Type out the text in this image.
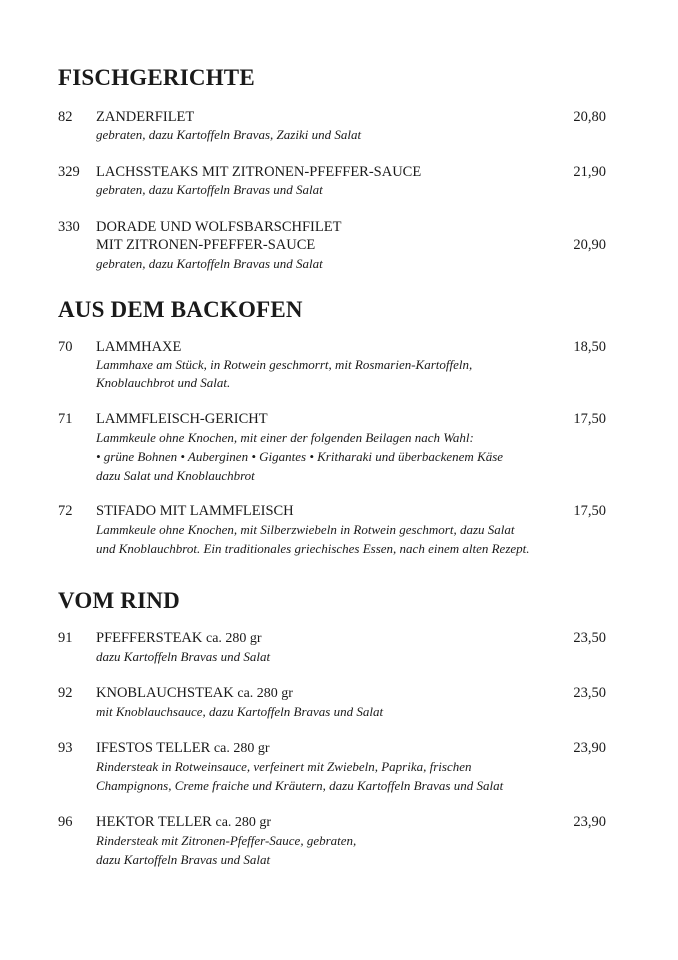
FISCHGERICHTE
82 ZANDERFILET	20,80
gebraten, dazu Kartoffeln Bravas, Zaziki und Salat
329 LACHSSTEAKS MIT ZITRONEN-PFEFFER-SAUCE	21,90
gebraten, dazu Kartoffeln Bravas und Salat
330 DORADE UND WOLFSBARSCHFILET
MIT ZITRONEN-PFEFFER-SAUCE	20,90
gebraten, dazu Kartoffeln Bravas und Salat
AUS DEM BACKOFEN
70 LAMMHAXE	18,50
Lammhaxe am Stück, in Rotwein geschmorrt, mit Rosmarien-Kartoffeln,
Knoblauchbrot und Salat.
71 LAMMFLEISCH-GERICHT	17,50
Lammkeule ohne Knochen, mit einer der folgenden Beilagen nach Wahl:
• grüne Bohnen • Auberginen • Gigantes • Kritharaki und überbackenem Käse
dazu Salat und Knoblauchbrot
72 STIFADO MIT LAMMFLEISCH	17,50
Lammkeule ohne Knochen, mit Silberzwiebeln in Rotwein geschmort, dazu Salat
und Knoblauchbrot. Ein traditionales griechisches Essen, nach einem alten Rezept.
VOM RIND
91 PFEFFERSTEAK ca. 280 gr	23,50
dazu Kartoffeln Bravas und Salat
92 KNOBLAUCHSTEAK ca. 280 gr	23,50
mit Knoblauchsauce, dazu Kartoffeln Bravas und Salat
93 IFESTOS TELLER ca. 280 gr	23,90
Rindersteak in Rotweinsauce, verfeinert mit Zwiebeln, Paprika, frischen
Champignons, Creme fraiche und Kräutern, dazu Kartoffeln Bravas und Salat
96 HEKTOR TELLER ca. 280 gr	23,90
Rindersteak mit Zitronen-Pfeffer-Sauce, gebraten,
dazu Kartoffeln Bravas und Salat
